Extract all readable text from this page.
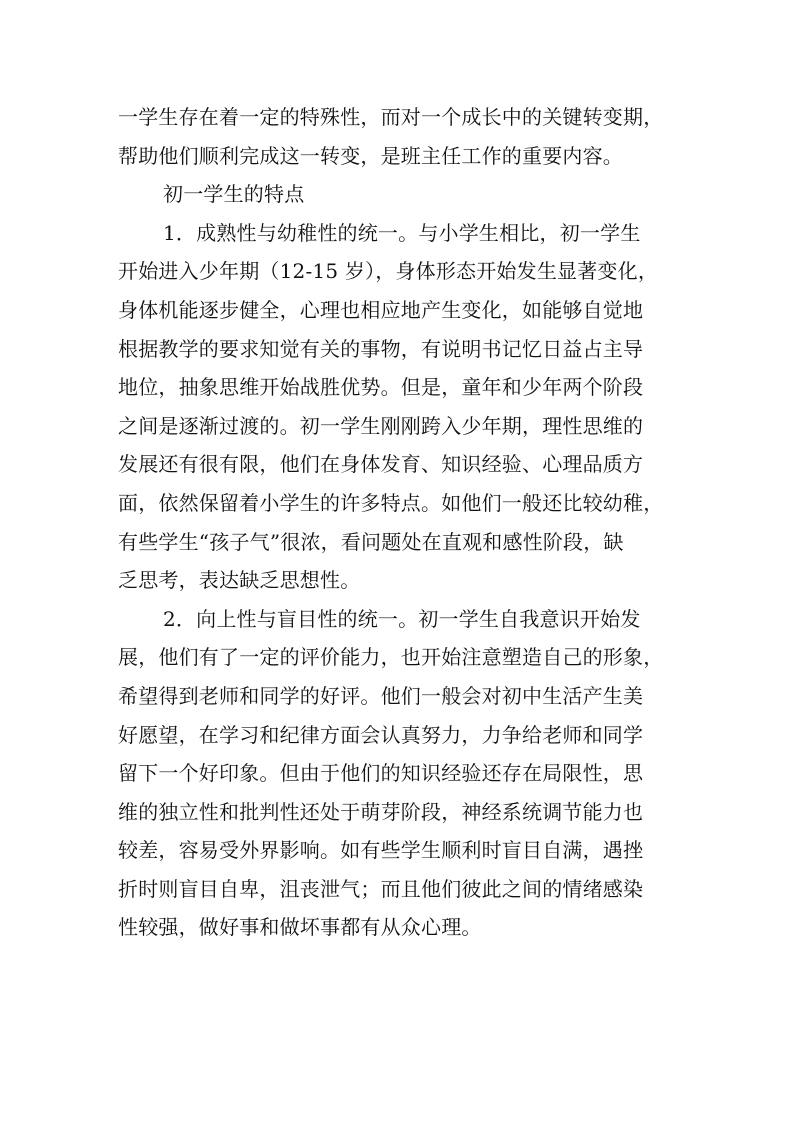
一学生存在着一定的特殊性，而对一个成长中的关键转变期，
帮助他们顺利完成这一转变，是班主任工作的重要内容。
初一学生的特点
1．成熟性与幼稚性的统一。与小学生相比，初一学生
开始进入少年期（12-15 岁），身体形态开始发生显著变化，
身体机能逐步健全，心理也相应地产生变化，如能够自觉地
根据教学的要求知觉有关的事物，有说明书记忆日益占主导
地位，抽象思维开始战胜优势。但是，童年和少年两个阶段
之间是逐渐过渡的。初一学生刚刚跨入少年期，理性思维的
发展还有很有限，他们在身体发育、知识经验、心理品质方
面，依然保留着小学生的许多特点。如他们一般还比较幼稚，
有些学生“孩子气”很浓，看问题处在直观和感性阶段，缺
乏思考，表达缺乏思想性。
2．向上性与盲目性的统一。初一学生自我意识开始发
展，他们有了一定的评价能力，也开始注意塑造自己的形象，
希望得到老师和同学的好评。他们一般会对初中生活产生美
好愿望，在学习和纪律方面会认真努力，力争给老师和同学
留下一个好印象。但由于他们的知识经验还存在局限性，思
维的独立性和批判性还处于萌芽阶段，神经系统调节能力也
较差，容易受外界影响。如有些学生顺利时盲目自满，遇挫
折时则盲目自卑，沮丧泄气；而且他们彼此之间的情绪感染
性较强，做好事和做坏事都有从众心理。
